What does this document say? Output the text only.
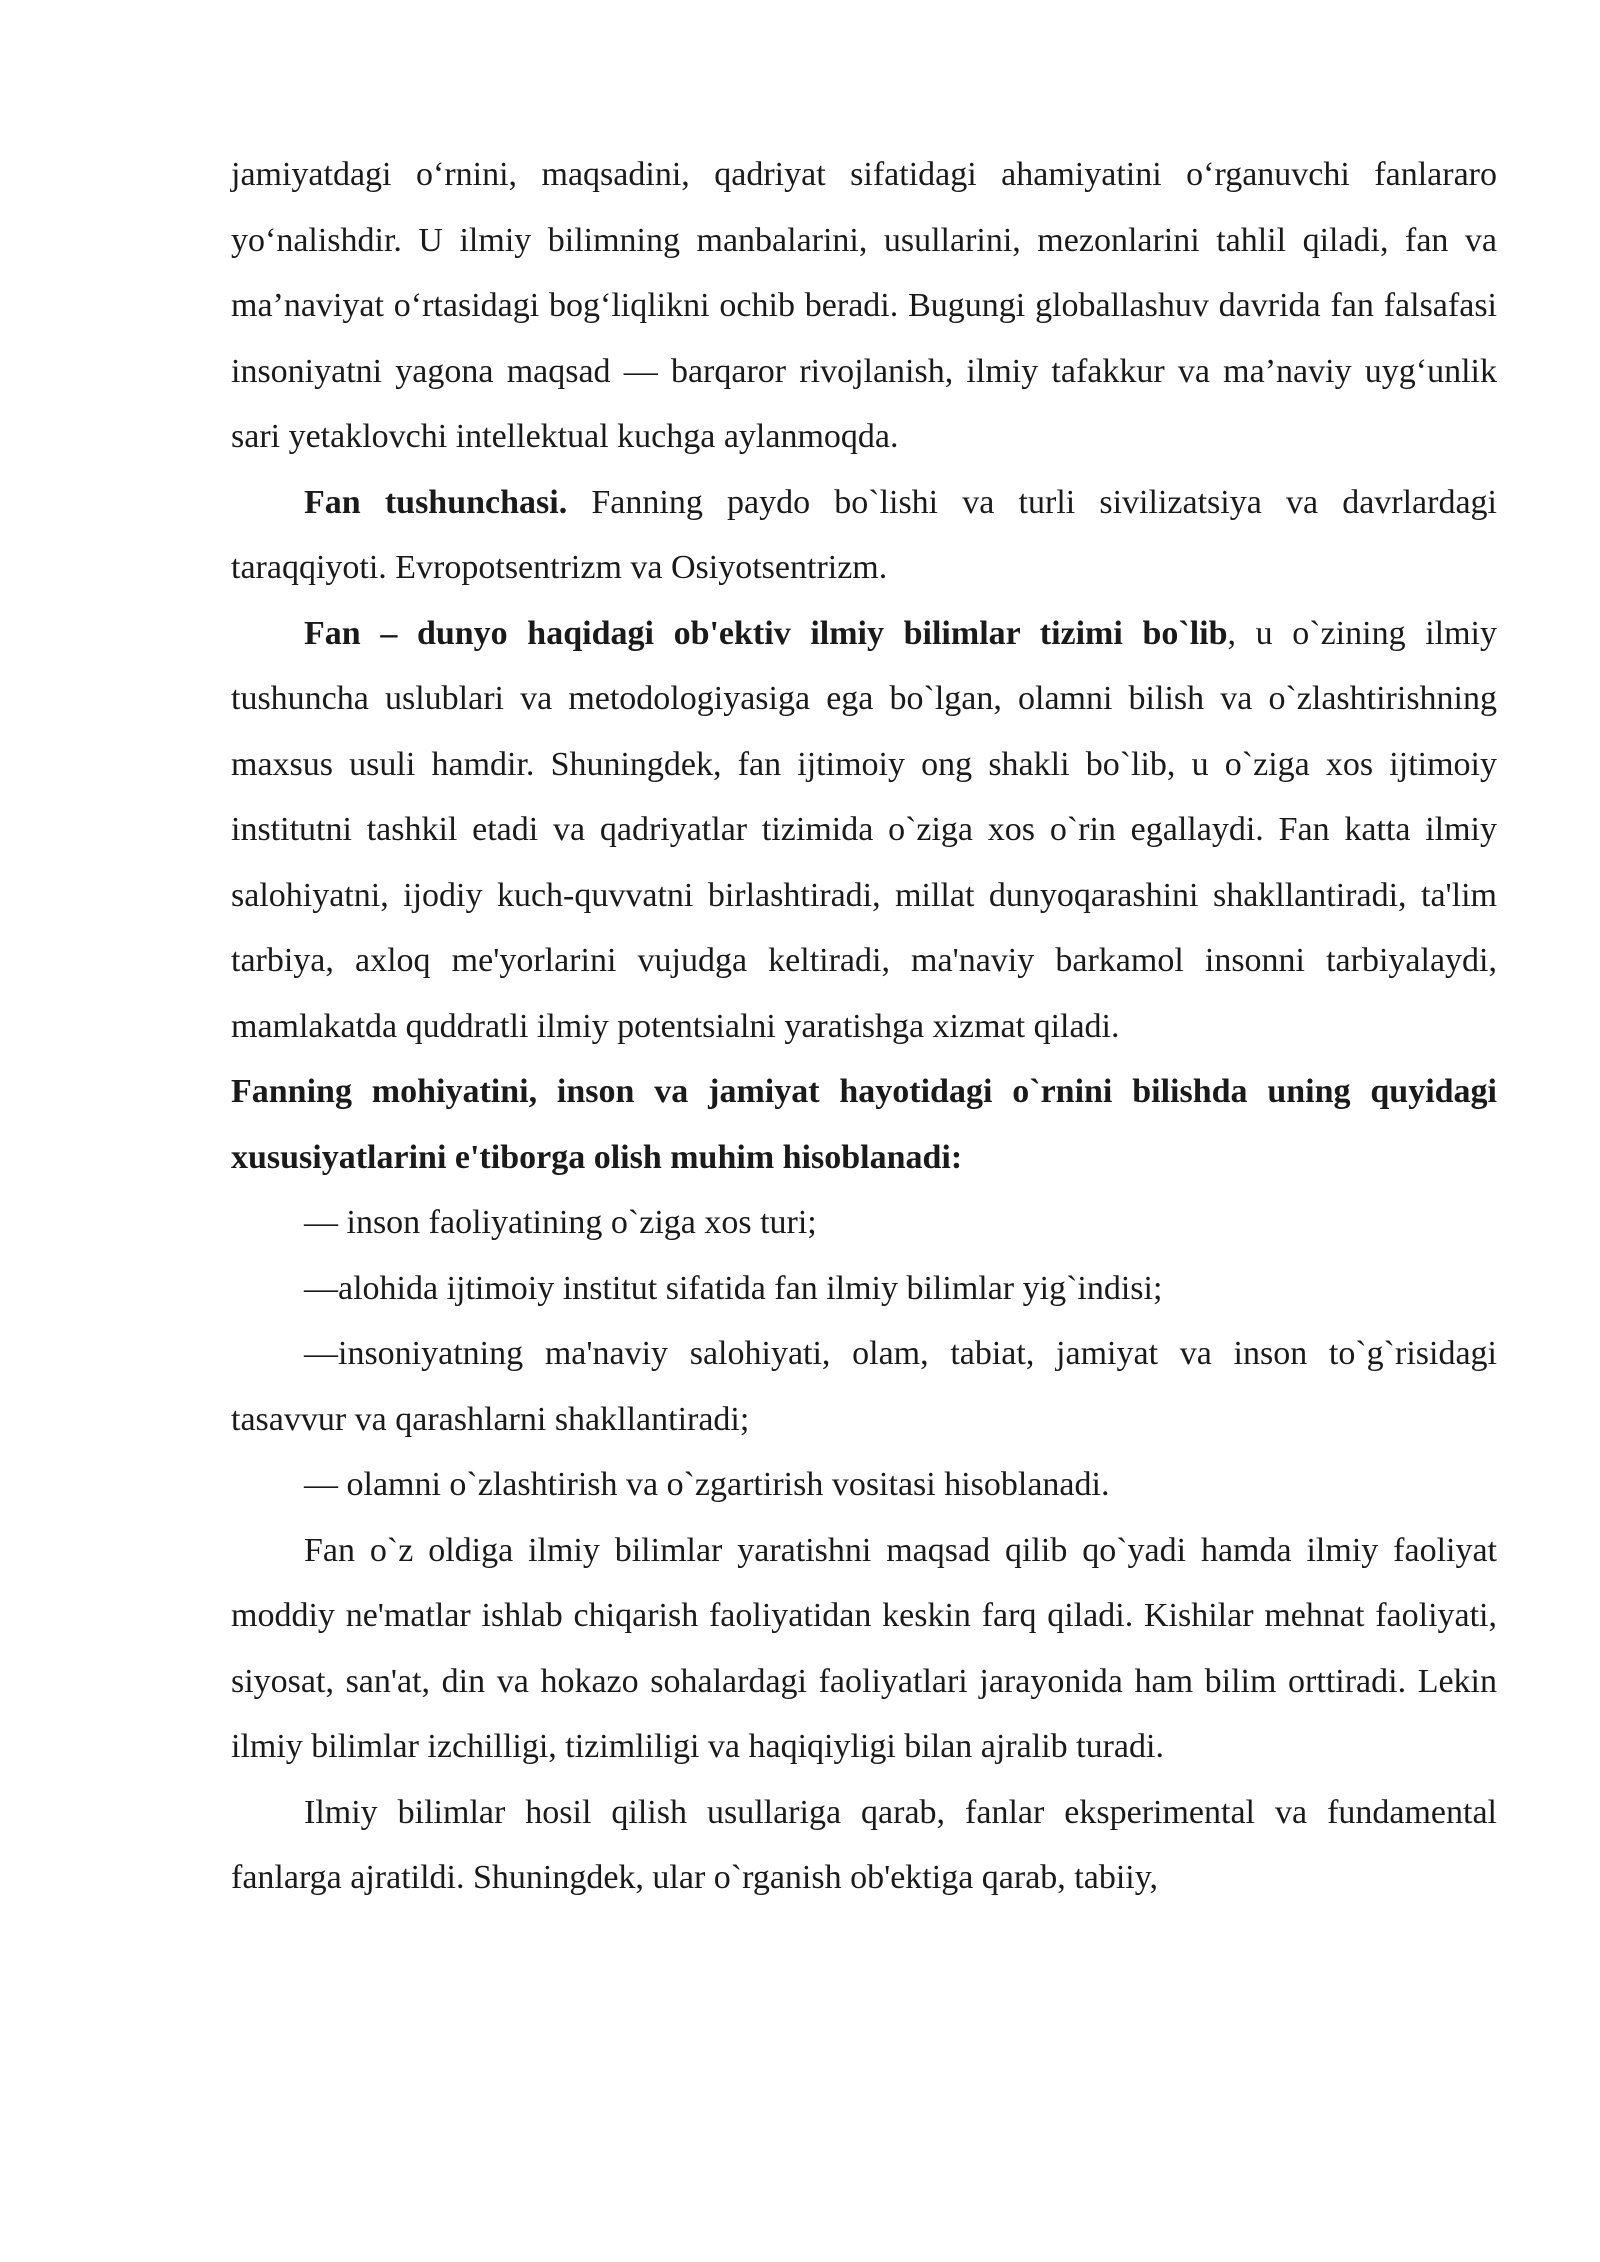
jamiyatdagi o‘rnini, maqsadini, qadriyat sifatidagi ahamiyatini o‘rganuvchi fanlararo yo‘nalishdir. U ilmiy bilimning manbalarini, usullarini, mezonlarini tahlil qiladi, fan va ma’naviyat o‘rtasidagi bog‘liqlikni ochib beradi. Bugungi globallashuv davrida fan falsafasi insoniyatni yagona maqsad — barqaror rivojlanish, ilmiy tafakkur va ma’naviy uyg‘unlik sari yetaklovchi intellektual kuchga aylanmoqda.

Fan tushunchasi. Fanning paydo bo`lishi va turli sivilizatsiya va davrlardagi taraqqiyoti. Evropotsentrizm va Osiyotsentrizm.

Fan – dunyo haqidagi ob'ektiv ilmiy bilimlar tizimi bo`lib, u o`zining ilmiy tushuncha uslublari va metodologiyasiga ega bo`lgan, olamni bilish va o`zlashtirishning maxsus usuli hamdir. Shuningdek, fan ijtimoiy ong shakli bo`lib, u o`ziga xos ijtimoiy institutni tashkil etadi va qadriyatlar tizimida o`ziga xos o`rin egallaydi. Fan katta ilmiy salohiyatni, ijodiy kuch-quvvatni birlashtiradi, millat dunyoqarashini shakllantiradi, ta'lim tarbiya, axloq me'yorlarini vujudga keltiradi, ma'naviy barkamol insonni tarbiyalaydi, mamlakatda quddratli ilmiy potentsialni yaratishga xizmat qiladi.

Fanning mohiyatini, inson va jamiyat hayotidagi o`rnini bilishda uning quyidagi xususiyatlarini e'tiborga olish muhim hisoblanadi:

— inson faoliyatining o`ziga xos turi;

—alohida ijtimoiy institut sifatida fan ilmiy bilimlar yig`indisi;

—insoniyatning ma'naviy salohiyati, olam, tabiat, jamiyat va inson to`g`risidagi tasavvur va qarashlarni shakllantiradi;

— olamni o`zlashtirish va o`zgartirish vositasi hisoblanadi.

Fan o`z oldiga ilmiy bilimlar yaratishni maqsad qilib qo`yadi hamda ilmiy faoliyat moddiy ne'matlar ishlab chiqarish faoliyatidan keskin farq qiladi. Kishilar mehnat faoliyati, siyosat, san'at, din va hokazo sohalardagi faoliyatlari jarayonida ham bilim orttiradi. Lekin ilmiy bilimlar izchilligi, tizimliligi va haqiqiyligi bilan ajralib turadi.

Ilmiy bilimlar hosil qilish usullariga qarab, fanlar eksperimental va fundamental fanlarga ajratildi. Shuningdek, ular o`rganish ob'ektiga qarab, tabiiy,
